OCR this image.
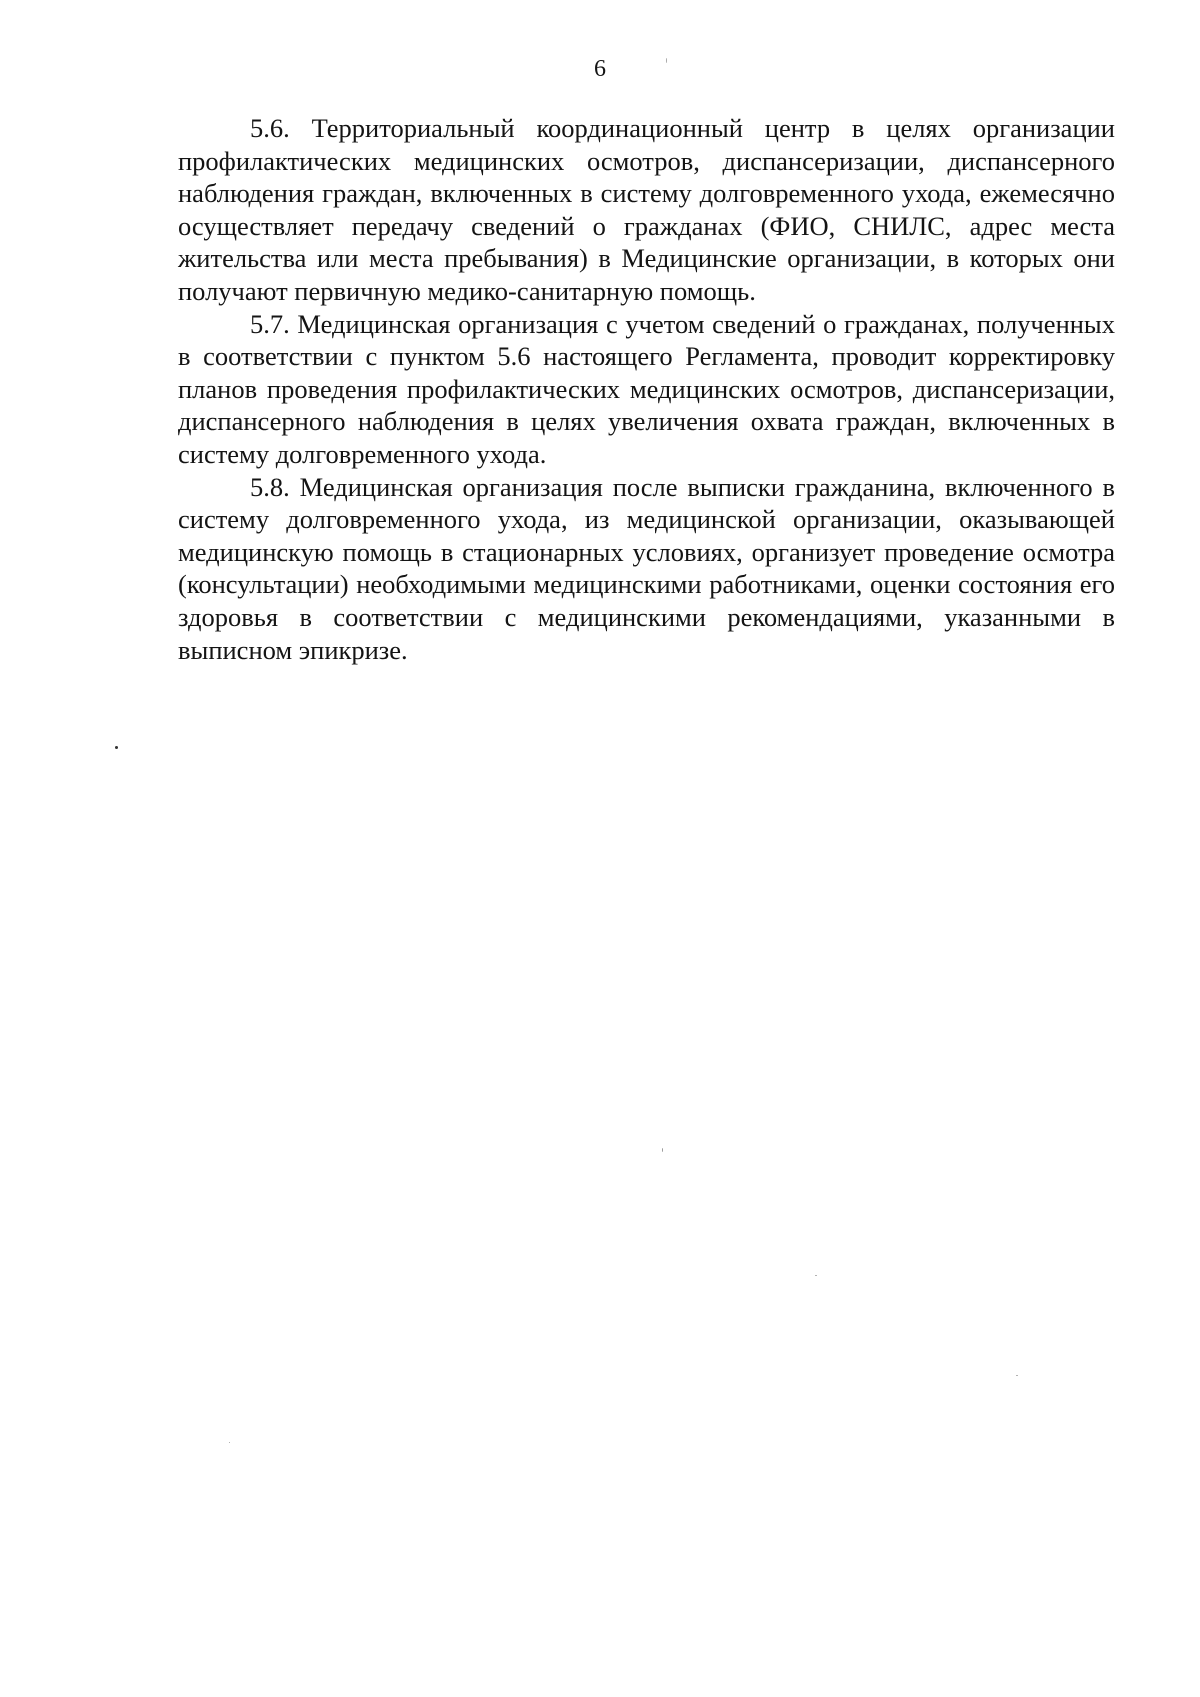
6

5.6. Территориальный координационный центр в целях организации профилактических медицинских осмотров, диспансеризации, диспансерного наблюдения граждан, включенных в систему долговременного ухода, ежемесячно осуществляет передачу сведений о гражданах (ФИО, СНИЛС, адрес места жительства или места пребывания) в Медицинские организации, в которых они получают первичную медико-санитарную помощь.

5.7. Медицинская организация с учетом сведений о гражданах, полученных в соответствии с пунктом 5.6 настоящего Регламента, проводит корректировку планов проведения профилактических медицинских осмотров, диспансеризации, диспансерного наблюдения в целях увеличения охвата граждан, включенных в систему долговременного ухода.

5.8. Медицинская организация после выписки гражданина, включенного в систему долговременного ухода, из медицинской организации, оказывающей медицинскую помощь в стационарных условиях, организует проведение осмотра (консультации) необходимыми медицинскими работниками, оценки состояния его здоровья в соответствии с медицинскими рекомендациями, указанными в выписном эпикризе.
